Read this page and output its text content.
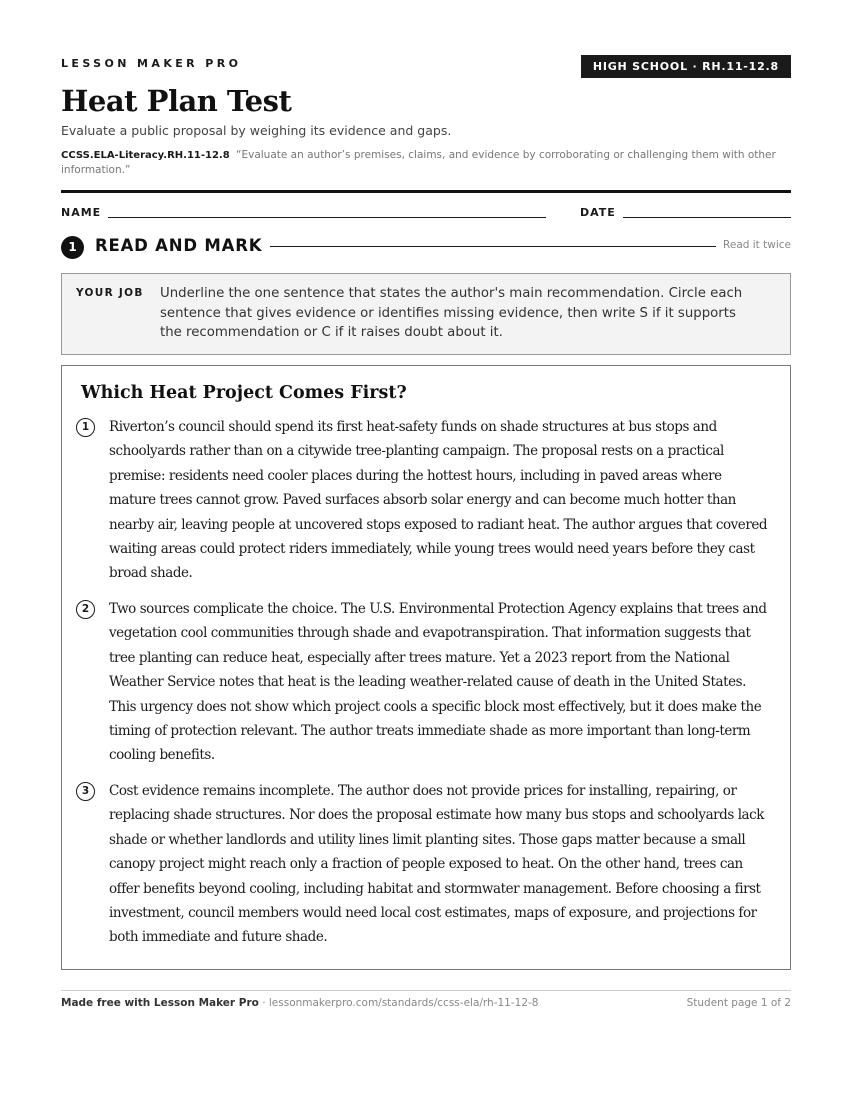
LESSON MAKER PRO	HIGH SCHOOL · RH.11-12.8
Heat Plan Test
Evaluate a public proposal by weighing its evidence and gaps.
CCSS.ELA-Literacy.RH.11-12.8 “Evaluate an author’s premises, claims, and evidence by corroborating or challenging them with other information.”
NAME	DATE
1	READ AND MARK	Read it twice
YOUR JOB Underline the one sentence that states the author's main recommendation. Circle each sentence that gives evidence or identifies missing evidence, then write S if it supports the recommendation or C if it raises doubt about it.
Which Heat Project Comes First?
1	Riverton’s council should spend its first heat-safety funds on shade structures at bus stops and schoolyards rather than on a citywide tree-planting campaign. The proposal rests on a practical premise: residents need cooler places during the hottest hours, including in paved areas where mature trees cannot grow. Paved surfaces absorb solar energy and can become much hotter than nearby air, leaving people at uncovered stops exposed to radiant heat. The author argues that covered waiting areas could protect riders immediately, while young trees would need years before they cast broad shade.
2	Two sources complicate the choice. The U.S. Environmental Protection Agency explains that trees and vegetation cool communities through shade and evapotranspiration. That information suggests that tree planting can reduce heat, especially after trees mature. Yet a 2023 report from the National Weather Service notes that heat is the leading weather-related cause of death in the United States. This urgency does not show which project cools a specific block most effectively, but it does make the timing of protection relevant. The author treats immediate shade as more important than long-term cooling benefits.
3	Cost evidence remains incomplete. The author does not provide prices for installing, repairing, or replacing shade structures. Nor does the proposal estimate how many bus stops and schoolyards lack shade or whether landlords and utility lines limit planting sites. Those gaps matter because a small canopy project might reach only a fraction of people exposed to heat. On the other hand, trees can offer benefits beyond cooling, including habitat and stormwater management. Before choosing a first investment, council members would need local cost estimates, maps of exposure, and projections for both immediate and future shade.
Made free with Lesson Maker Pro · lessonmakerpro.com/standards/ccss-ela/rh-11-12-8	Student page 1 of 2
